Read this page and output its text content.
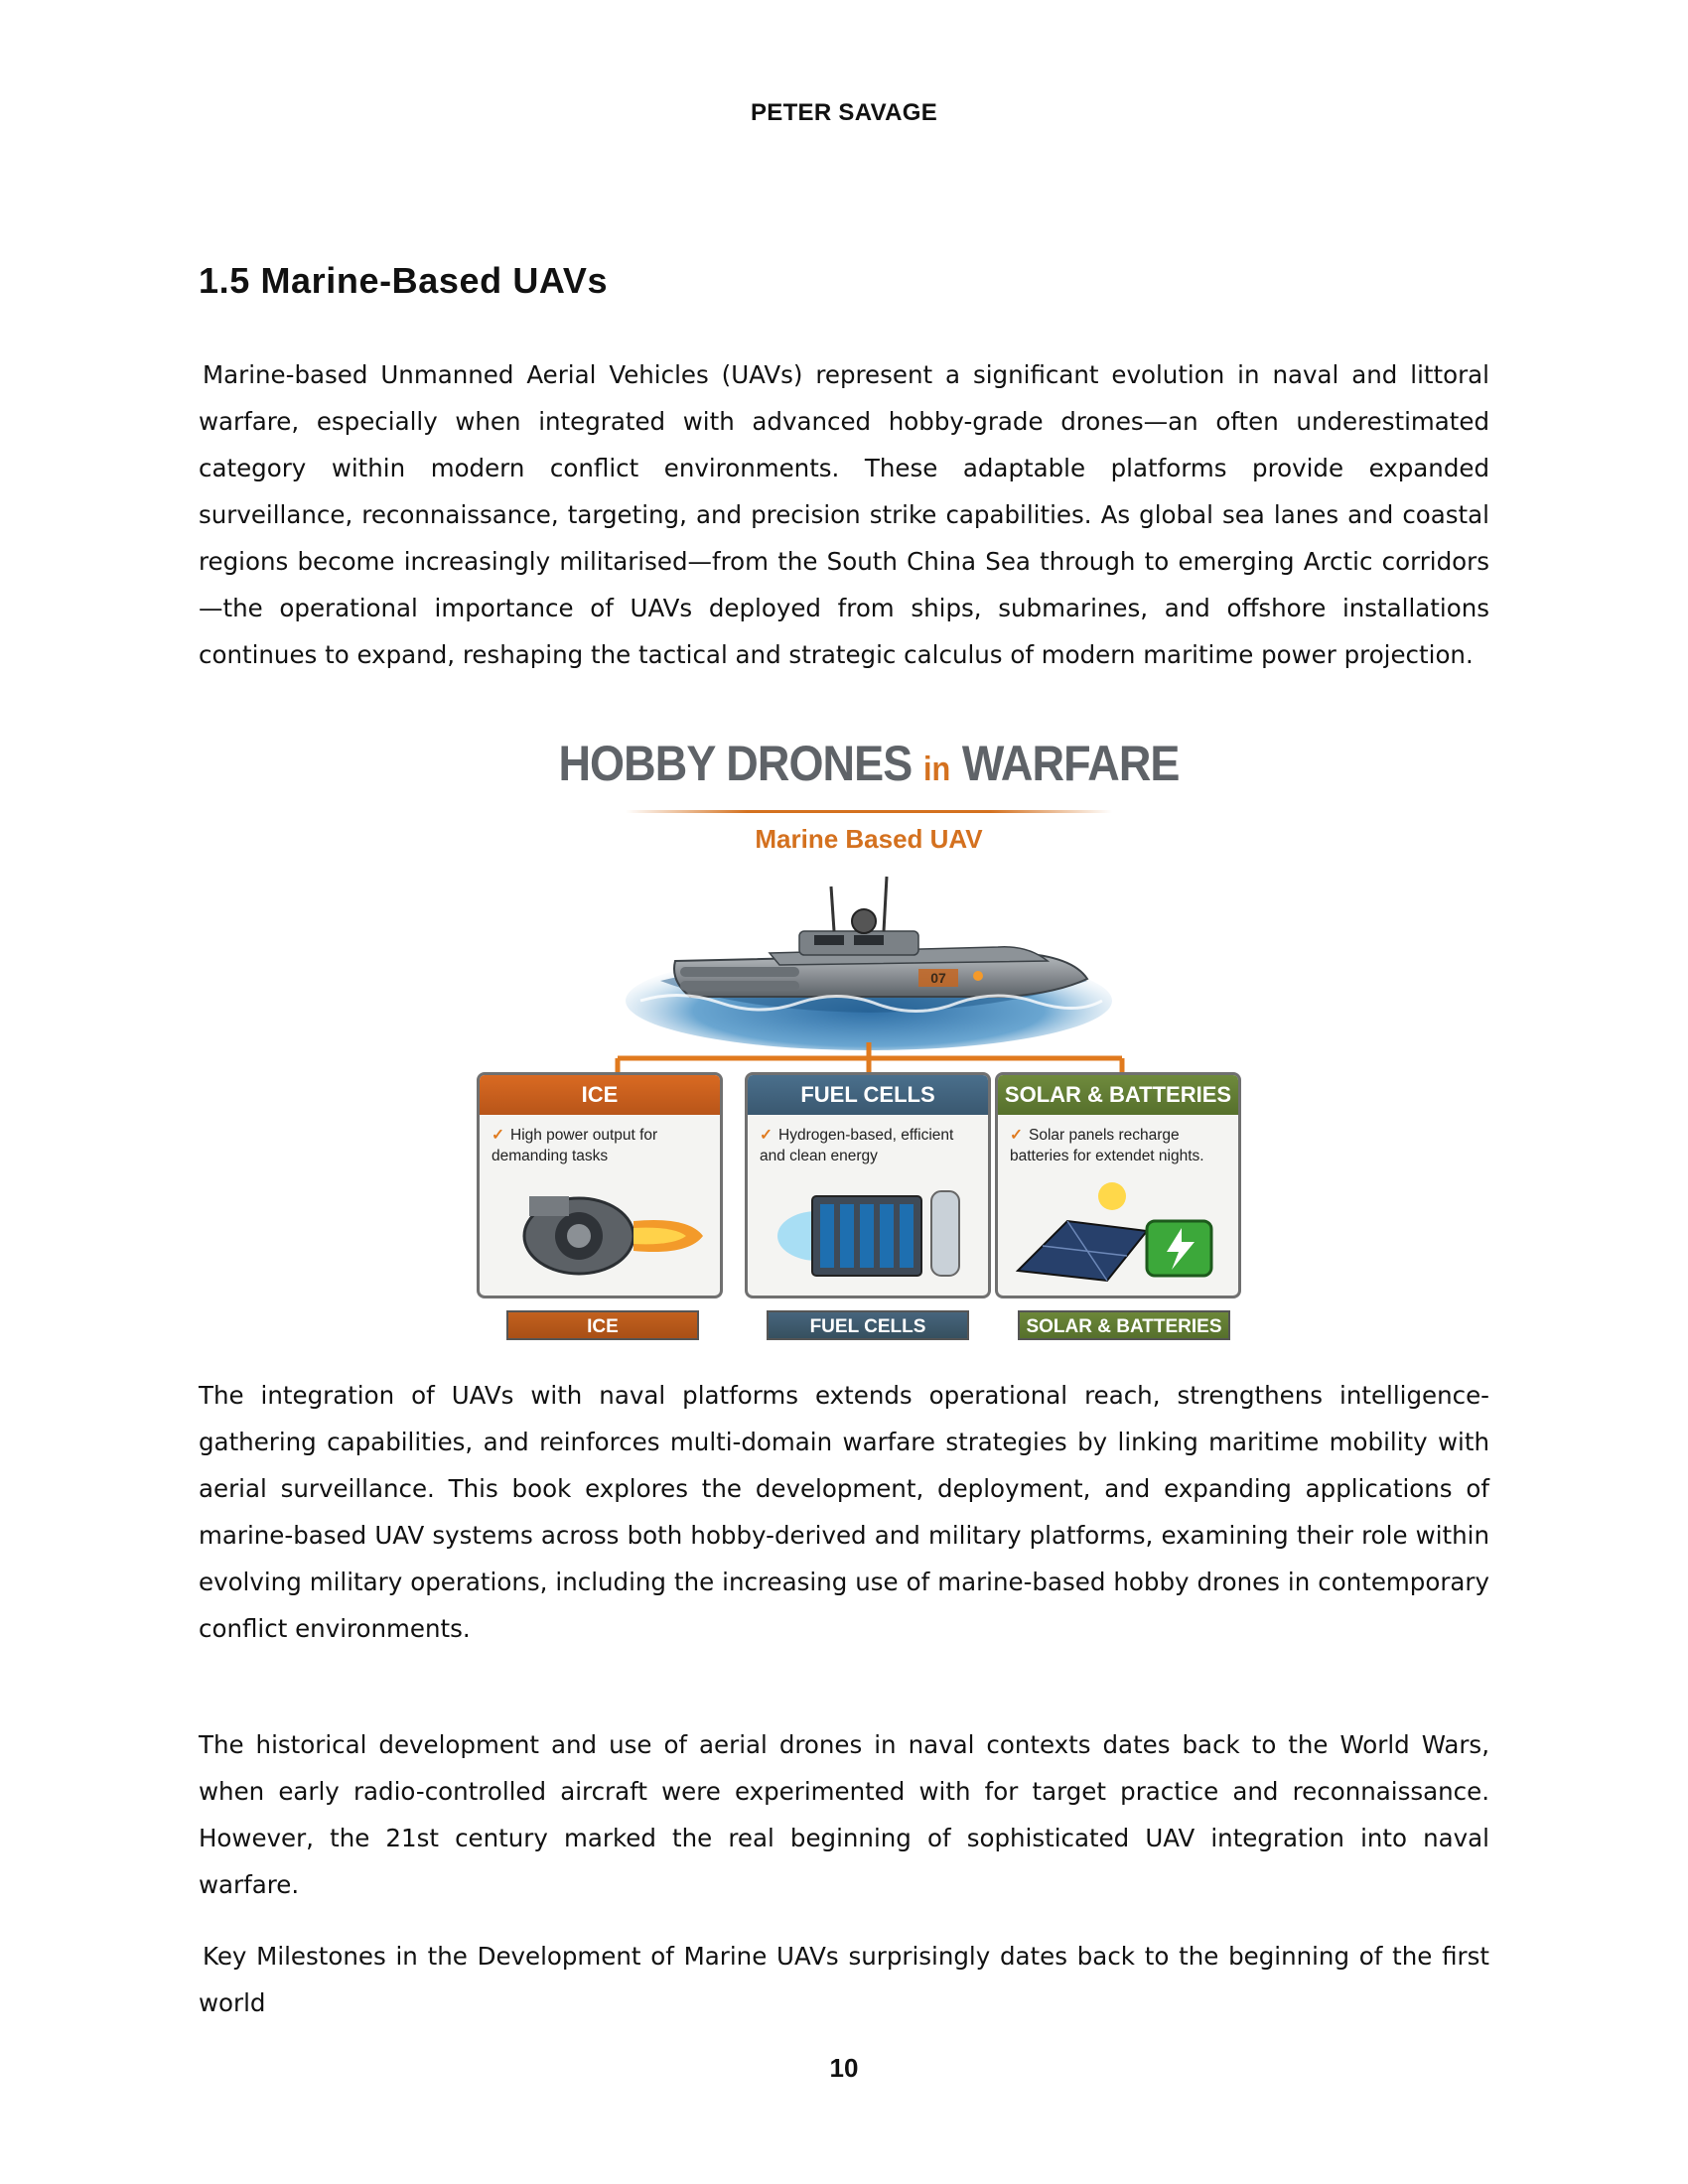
PETER SAVAGE
1.5 Marine-Based UAVs

Marine-based Unmanned Aerial Vehicles (UAVs) represent a significant evolution in naval and littoral warfare, especially when integrated with advanced hobby-grade drones—an often underestimated category within modern conflict environments. These adaptable platforms provide expanded surveillance, reconnaissance, targeting, and precision strike capabilities. As global sea lanes and coastal regions become increasingly militarised—from the South China Sea through to emerging Arctic corridors—the operational importance of UAVs deployed from ships, submarines, and offshore installations continues to expand, reshaping the tactical and strategic calculus of modern maritime power projection.

HOBBY DRONES in WARFARE
Marine Based UAV
07
ICE
✓ High power output for demanding tasks
FUEL CELLS
✓ Hydrogen-based, efficient and clean energy
SOLAR & BATTERIES
✓ Solar panels recharge batteries for extendet nights.
ICE	FUEL CELLS	SOLAR & BATTERIES

The integration of UAVs with naval platforms extends operational reach, strengthens intelligence-gathering capabilities, and reinforces multi-domain warfare strategies by linking maritime mobility with aerial surveillance. This book explores the development, deployment, and expanding applications of marine-based UAV systems across both hobby-derived and military platforms, examining their role within evolving military operations, including the increasing use of marine-based hobby drones in contemporary conflict environments.

The historical development and use of aerial drones in naval contexts dates back to the World Wars, when early radio-controlled aircraft were experimented with for target practice and reconnaissance. However, the 21st century marked the real beginning of sophisticated UAV integration into naval warfare.

Key Milestones in the Development of Marine UAVs surprisingly dates back to the beginning of the first world

10
